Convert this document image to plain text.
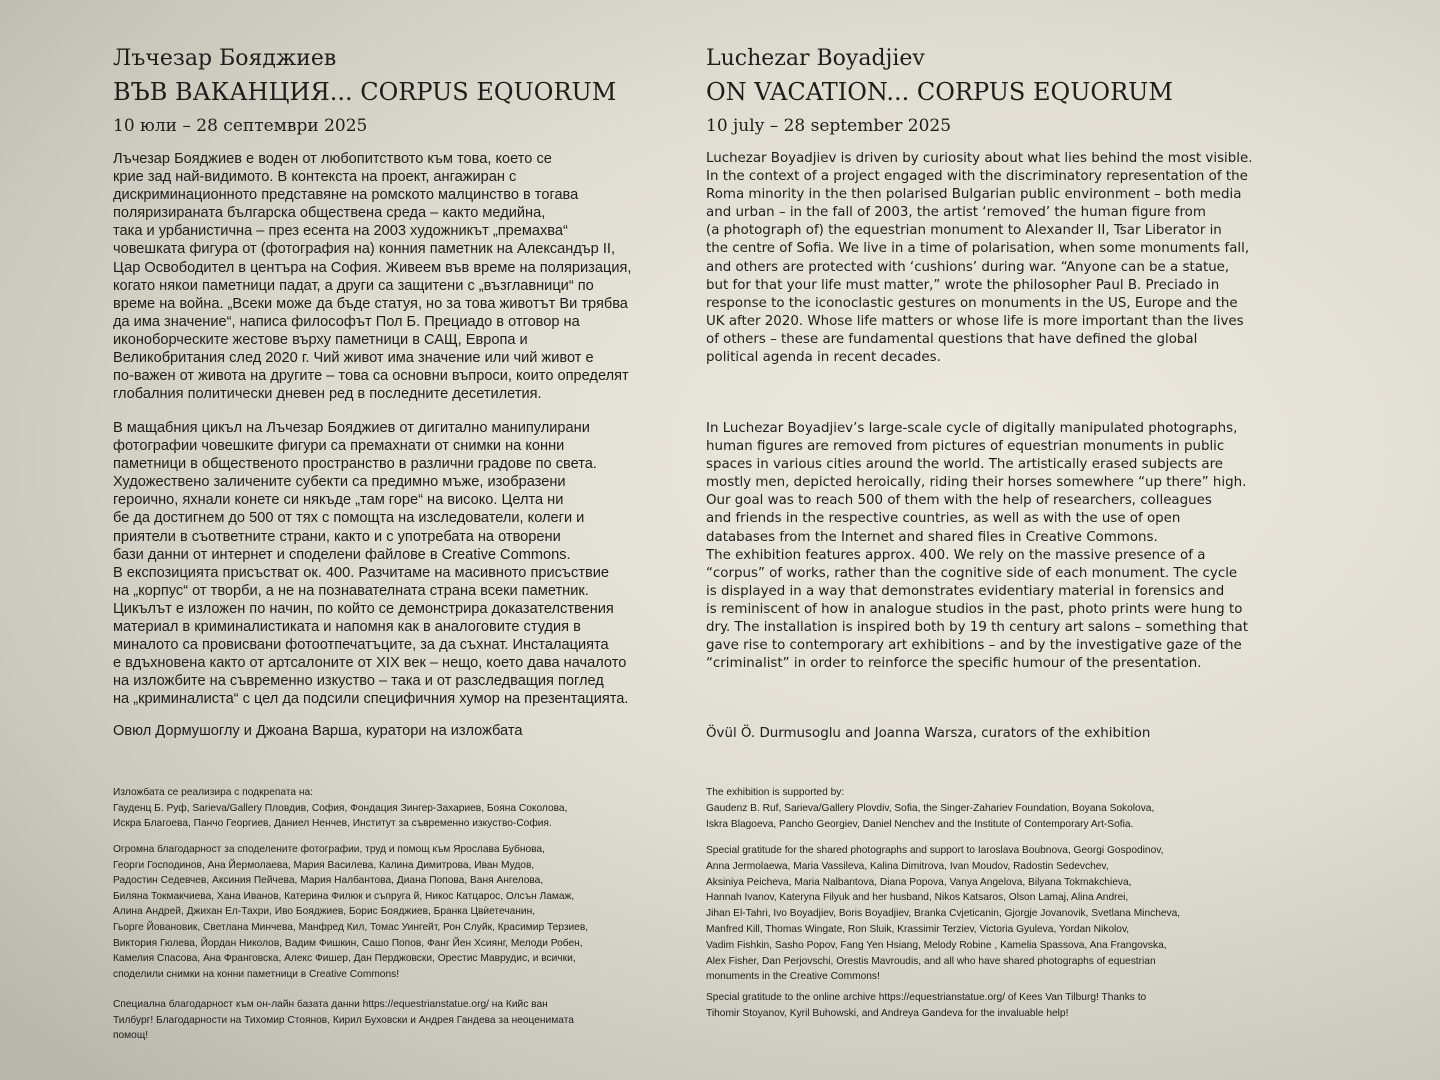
Лъчезар Бояджиев
ВЪВ ВАКАНЦИЯ... CORPUS EQUORUM
10 юли – 28 септември 2025

Лъчезар Бояджиев е воден от любопитството към това, което се
крие зад най-видимото. В контекста на проект, ангажиран с
дискриминационното представяне на ромското малцинство в тогава
поляризираната българска обществена среда – както медийна,
така и урбанистична – през есента на 2003 художникът „премахва“
човешката фигура от (фотография на) конния паметник на Александър II,
Цар Освободител в центъра на София. Живеем във време на поляризация,
когато някои паметници падат, а други са защитени с „възглавници“ по
време на война. „Всеки може да бъде статуя, но за това животът Ви трябва
да има значение“, написа философът Пол Б. Прециадо в отговор на
иконоборческите жестове върху паметници в САЩ, Европа и
Великобритания след 2020 г. Чий живот има значение или чий живот е
по-важен от живота на другите – това са основни въпроси, които определят
глобалния политически дневен ред в последните десетилетия.

В мащабния цикъл на Лъчезар Бояджиев от дигитално манипулирани
фотографии човешките фигури са премахнати от снимки на конни
паметници в общественото пространство в различни градове по света.
Художествено заличените субекти са предимно мъже, изобразени
героично, яхнали конете си някъде „там горе“ на високо. Целта ни
бе да достигнем до 500 от тях с помощта на изследователи, колеги и
приятели в съответните страни, както и с употребата на отворени
бази данни от интернет и споделени файлове в Creative Commons.
В експозицията присъстват ок. 400. Разчитаме на масивното присъствие
на „корпус“ от творби, а не на познавателната страна всеки паметник.
Цикълът е изложен по начин, по който се демонстрира доказателствения
материал в криминалистиката и напомня как в аналоговите студия в
миналото са провисвани фотоотпечатъците, за да съхнат. Инсталацията
е вдъхновена както от артсалоните от XIX век – нещо, което дава началото
на изложбите на съвременно изкуство – така и от разследващия поглед
на „криминалиста“ с цел да подсили специфичния хумор на презентацията.

Овюл Дормушоглу и Джоана Варша, куратори на изложбата

Изложбата се реализира с подкрепата на:
Гауденц Б. Руф, Sarieva/Gallery Пловдив, София, Фондация Зингер-Захариев, Бояна Соколова,
Искра Благоева, Панчо Георгиев, Даниел Ненчев, Институт за съвременно изкуство-София.

Огромна благодарност за споделените фотографии, труд и помощ към Ярослава Бубнова,
Георги Господинов, Ана Йермолаева, Мария Василева, Калина Димитрова, Иван Мудов,
Радостин Седевчев, Аксиния Пейчева, Мария Налбантова, Диана Попова, Ваня Ангелова,
Биляна Токмакчиева, Хана Иванов, Катерина Филюк и съпруга й, Никос Катцарос, Олсън Ламаж,
Алина Андрей, Джихан Ел-Тахри, Иво Бояджиев, Борис Бояджиев, Бранка Цвѝетечанин,
Гьорге Йовановик, Светлана Минчева, Манфред Кил, Томас Уингейт, Рон Слуйк, Красимир Терзиев,
Виктория Гюлева, Йордан Николов, Вадим Фишкин, Сашо Попов, Фанг Йен Хсиянг, Мелоди Робен,
Камелия Спасова, Ана Франговска, Алекс Фишер, Дан Перджовски, Орестис Маврудис, и всички,
споделили снимки на конни паметници в Creative Commons!

Специална благодарност към он-лайн базата данни https://equestrianstatue.org/ на Кийс ван
Тилбург! Благодарности на Тихомир Стоянов, Кирил Буховски и Андрея Гандева за неоценимата
помощ!

Luchezar Boyadjiev
ON VACATION... CORPUS EQUORUM
10 july – 28 september 2025

Luchezar Boyadjiev is driven by curiosity about what lies behind the most visible.
In the context of a project engaged with the discriminatory representation of the
Roma minority in the then polarised Bulgarian public environment – both media
and urban – in the fall of 2003, the artist ‘removed’ the human figure from
(a photograph of) the equestrian monument to Alexander II, Tsar Liberator in
the centre of Sofia. We live in a time of polarisation, when some monuments fall,
and others are protected with ‘cushions’ during war. “Anyone can be a statue,
but for that your life must matter,” wrote the philosopher Paul B. Preciado in
response to the iconoclastic gestures on monuments in the US, Europe and the
UK after 2020. Whose life matters or whose life is more important than the lives
of others – these are fundamental questions that have defined the global
political agenda in recent decades.

In Luchezar Boyadjiev’s large-scale cycle of digitally manipulated photographs,
human figures are removed from pictures of equestrian monuments in public
spaces in various cities around the world. The artistically erased subjects are
mostly men, depicted heroically, riding their horses somewhere “up there” high.
Our goal was to reach 500 of them with the help of researchers, colleagues
and friends in the respective countries, as well as with the use of open
databases from the Internet and shared files in Creative Commons.
The exhibition features approx. 400. We rely on the massive presence of a
“corpus” of works, rather than the cognitive side of each monument. The cycle
is displayed in a way that demonstrates evidentiary material in forensics and
is reminiscent of how in analogue studios in the past, photo prints were hung to
dry. The installation is inspired both by 19 th century art salons – something that
gave rise to contemporary art exhibitions – and by the investigative gaze of the
“criminalist” in order to reinforce the specific humour of the presentation.

Övül Ö. Durmusoglu and Joanna Warsza, curators of the exhibition

The exhibition is supported by:
Gaudenz B. Ruf, Sarieva/Gallery Plovdiv, Sofia, the Singer-Zahariev Foundation, Boyana Sokolova,
Iskra Blagoeva, Pancho Georgiev, Daniel Nenchev and the Institute of Contemporary Art-Sofia.

Special gratitude for the shared photographs and support to Iaroslava Boubnova, Georgi Gospodinov,
Anna Jermolaewa, Maria Vassileva, Kalina Dimitrova, Ivan Moudov, Radostin Sedevchev,
Aksiniya Peicheva, Maria Nalbantova, Diana Popova, Vanya Angelova, Bilyana Tokmakchieva,
Hannah Ivanov, Kateryna Filyuk and her husband, Nikos Katsaros, Olson Lamaj, Alina Andrei,
Jihan El-Tahri, Ivo Boyadjiev, Boris Boyadjiev, Branka Cvjeticanin, Gjorgje Jovanovik, Svetlana Mincheva,
Manfred Kill, Thomas Wingate, Ron Sluik, Krassimir Terziev, Victoria Gyuleva, Yordan Nikolov,
Vadim Fishkin, Sasho Popov, Fang Yen Hsiang, Melody Robine , Kamelia Spassova, Ana Frangovska,
Alex Fisher, Dan Perjovschi, Orestis Mavroudis, and all who have shared photographs of equestrian
monuments in the Creative Commons!

Special gratitude to the online archive https://equestrianstatue.org/ of Kees Van Tilburg! Thanks to
Tihomir Stoyanov, Kyril Buhowski, and Andreya Gandeva for the invaluable help!
